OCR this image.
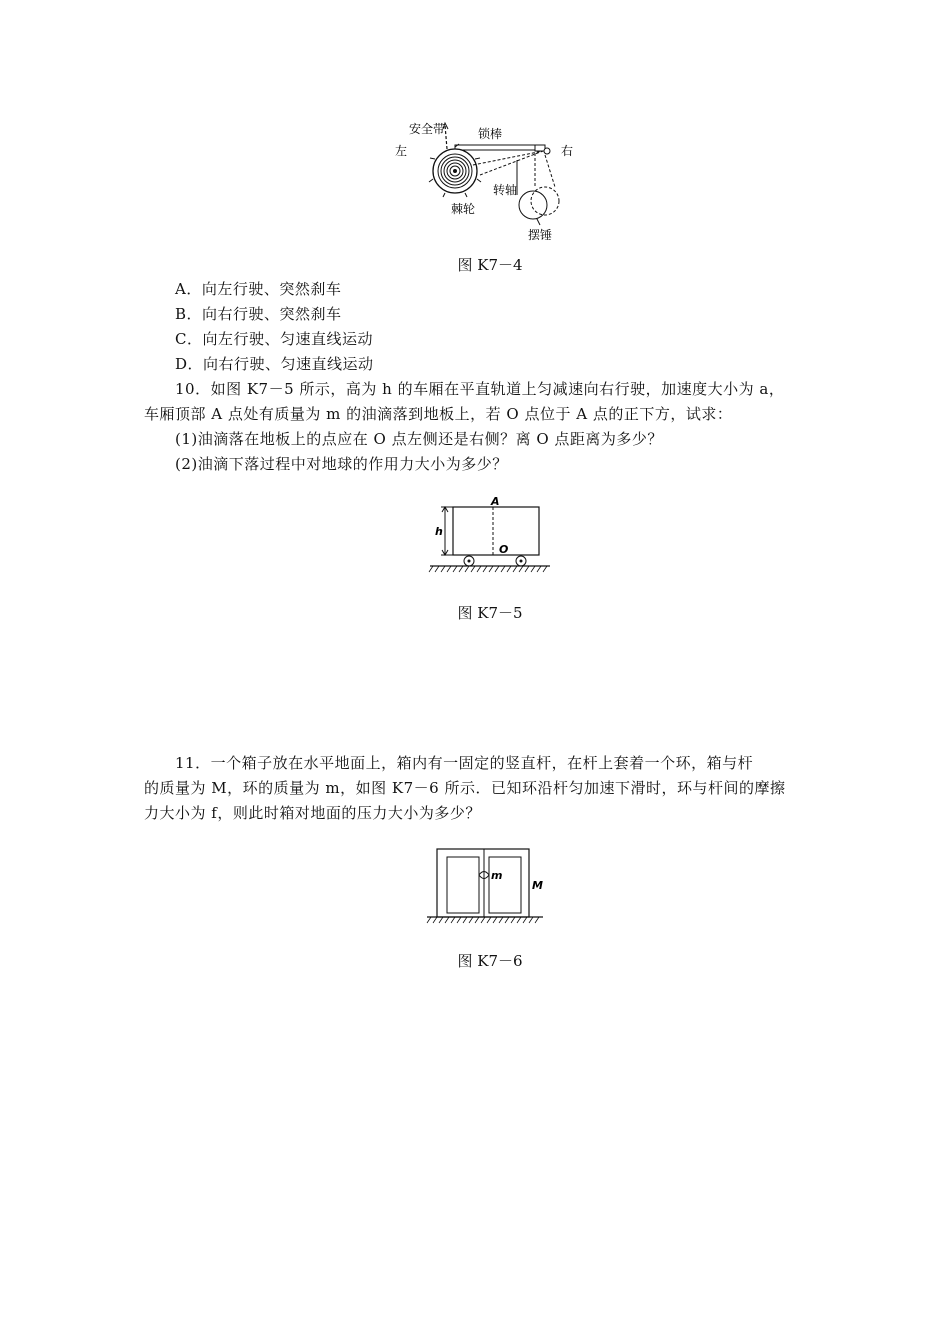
安全带	锁棒
左	右
转轴
棘轮
摆锤
图 K7－4
A．向左行驶、突然刹车
B．向右行驶、突然刹车
C．向左行驶、匀速直线运动
D．向右行驶、匀速直线运动
10．如图 K7－5 所示，高为 h 的车厢在平直轨道上匀减速向右行驶，加速度大小为 a，
车厢顶部 A 点处有质量为 m 的油滴落到地板上，若 O 点位于 A 点的正下方，试求：
(1)油滴落在地板上的点应在 O 点左侧还是右侧？离 O 点距离为多少？
(2)油滴下落过程中对地球的作用力大小为多少？
A
h
O
图 K7－5
11．一个箱子放在水平地面上，箱内有一固定的竖直杆，在杆上套着一个环，箱与杆
的质量为 M，环的质量为 m，如图 K7－6 所示．已知环沿杆匀加速下滑时，环与杆间的摩擦
力大小为 f，则此时箱对地面的压力大小为多少？
m
M
图 K7－6
